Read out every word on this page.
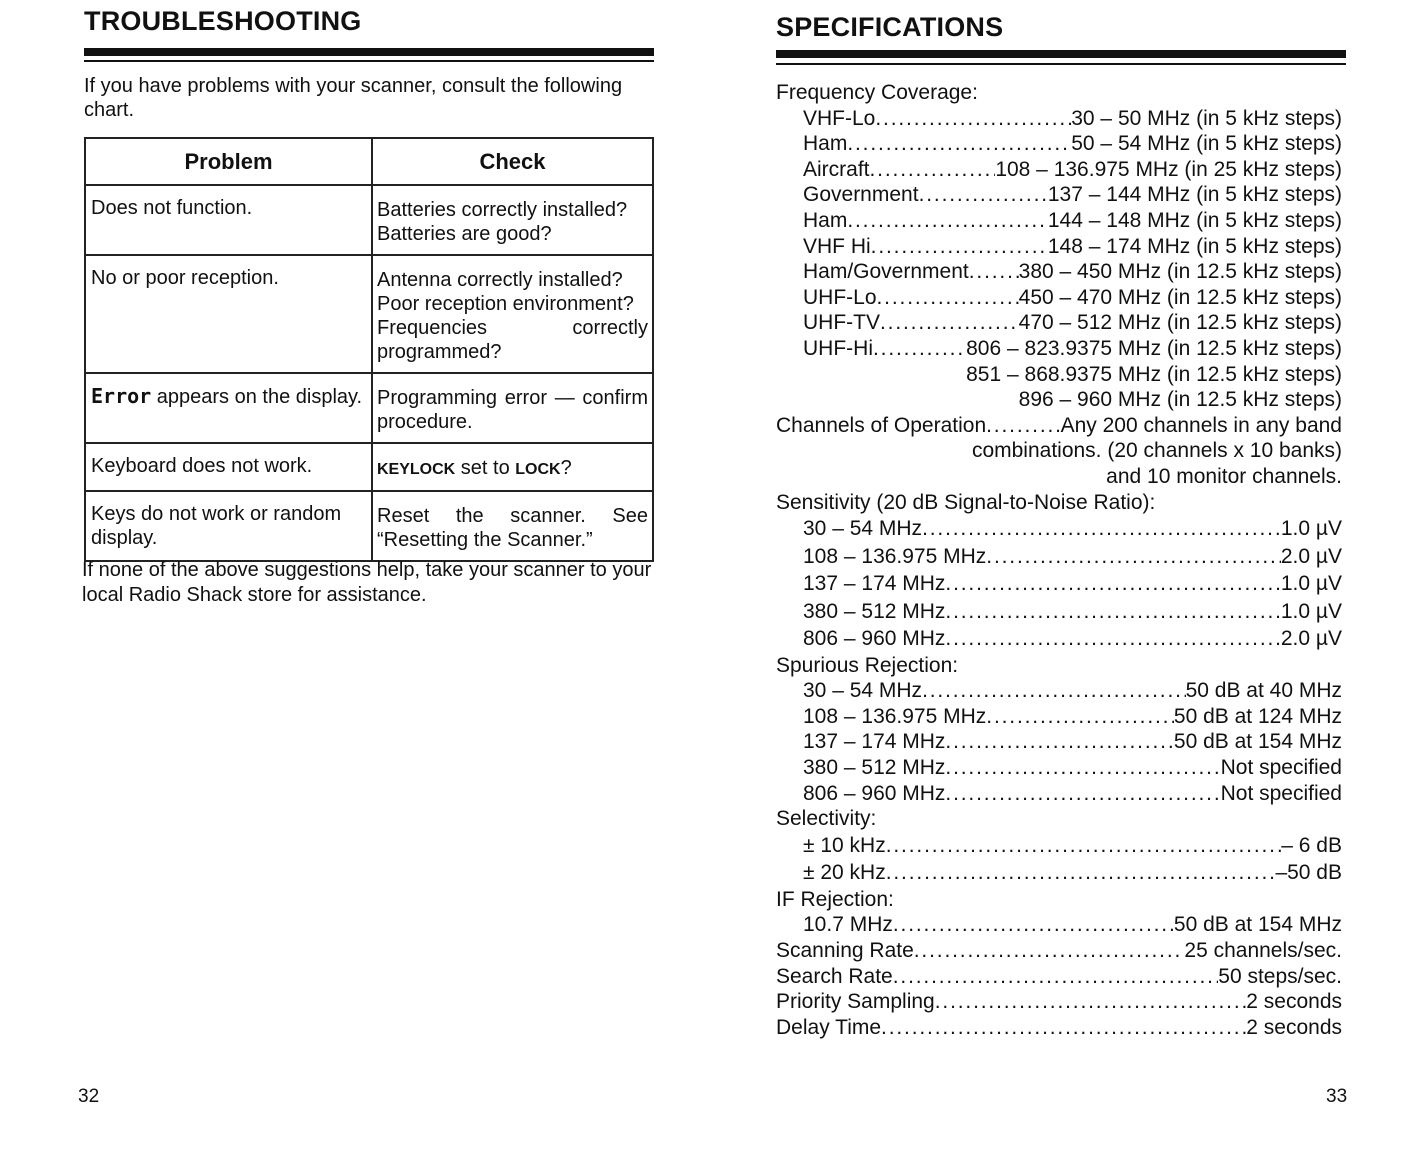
TROUBLESHOOTING
If you have problems with your scanner, consult the following chart.
Problem	Check
Does not function.	Batteries correctly installed?
Batteries are good?

No or poor reception.	Antenna correctly installed?
Poor reception environment?
Frequencies correctly programmed?

Error appears on the display.	Programming error — confirm procedure.

Keyboard does not work.	KEYLOCK set to LOCK?
Keys do not work or random display.	Reset the scanner. See “Resetting the Scanner.”
If none of the above suggestions help, take your scanner to your local Radio Shack store for assistance.
32
SPECIFICATIONS
Frequency Coverage:
VHF-Lo . . .	30 – 50 MHz (in 5 kHz steps)
Ham . . .	50 – 54 MHz (in 5 kHz steps)
Aircraft . . .	108 – 136.975 MHz (in 25 kHz steps)
Government . . .	137 – 144 MHz (in 5 kHz steps)
Ham . . .	144 – 148 MHz (in 5 kHz steps)
VHF Hi . . .	148 – 174 MHz (in 5 kHz steps)
Ham/Government . . . 380 – 450 MHz (in 12.5 kHz steps)
UHF-Lo . . .	450 – 470 MHz (in 12.5 kHz steps)
UHF-TV . . .	470 – 512 MHz (in 12.5 kHz steps)
UHF-Hi . . .	806 – 823.9375 MHz (in 12.5 kHz steps)
851 – 868.9375 MHz (in 12.5 kHz steps)
896 – 960 MHz (in 12.5 kHz steps)
Channels of Operation . . .	Any 200 channels in any band
combinations. (20 channels x 10 banks)
and 10 monitor channels.
Sensitivity (20 dB Signal-to-Noise Ratio):
30 – 54 MHz . . .	1.0 µV
108 – 136.975 MHz . . .	2.0 µV
137 – 174 MHz . . .	1.0 µV
380 – 512 MHz . . .	1.0 µV
806 – 960 MHz . . .	2.0 µV
Spurious Rejection:
30 – 54 MHz . . .	50 dB at 40 MHz
108 – 136.975 MHz . . .	50 dB at 124 MHz
137 – 174 MHz . . .	50 dB at 154 MHz
380 – 512 MHz . . .	Not specified
806 – 960 MHz . . .	Not specified
Selectivity:
± 10 kHz . . .	– 6 dB
± 20 kHz . . .	–50 dB
IF Rejection:
10.7 MHz . . .	50 dB at 154 MHz
Scanning Rate . . .	25 channels/sec.
Search Rate . . .	50 steps/sec.
Priority Sampling . . .	2 seconds
Delay Time . . .	2 seconds
33
